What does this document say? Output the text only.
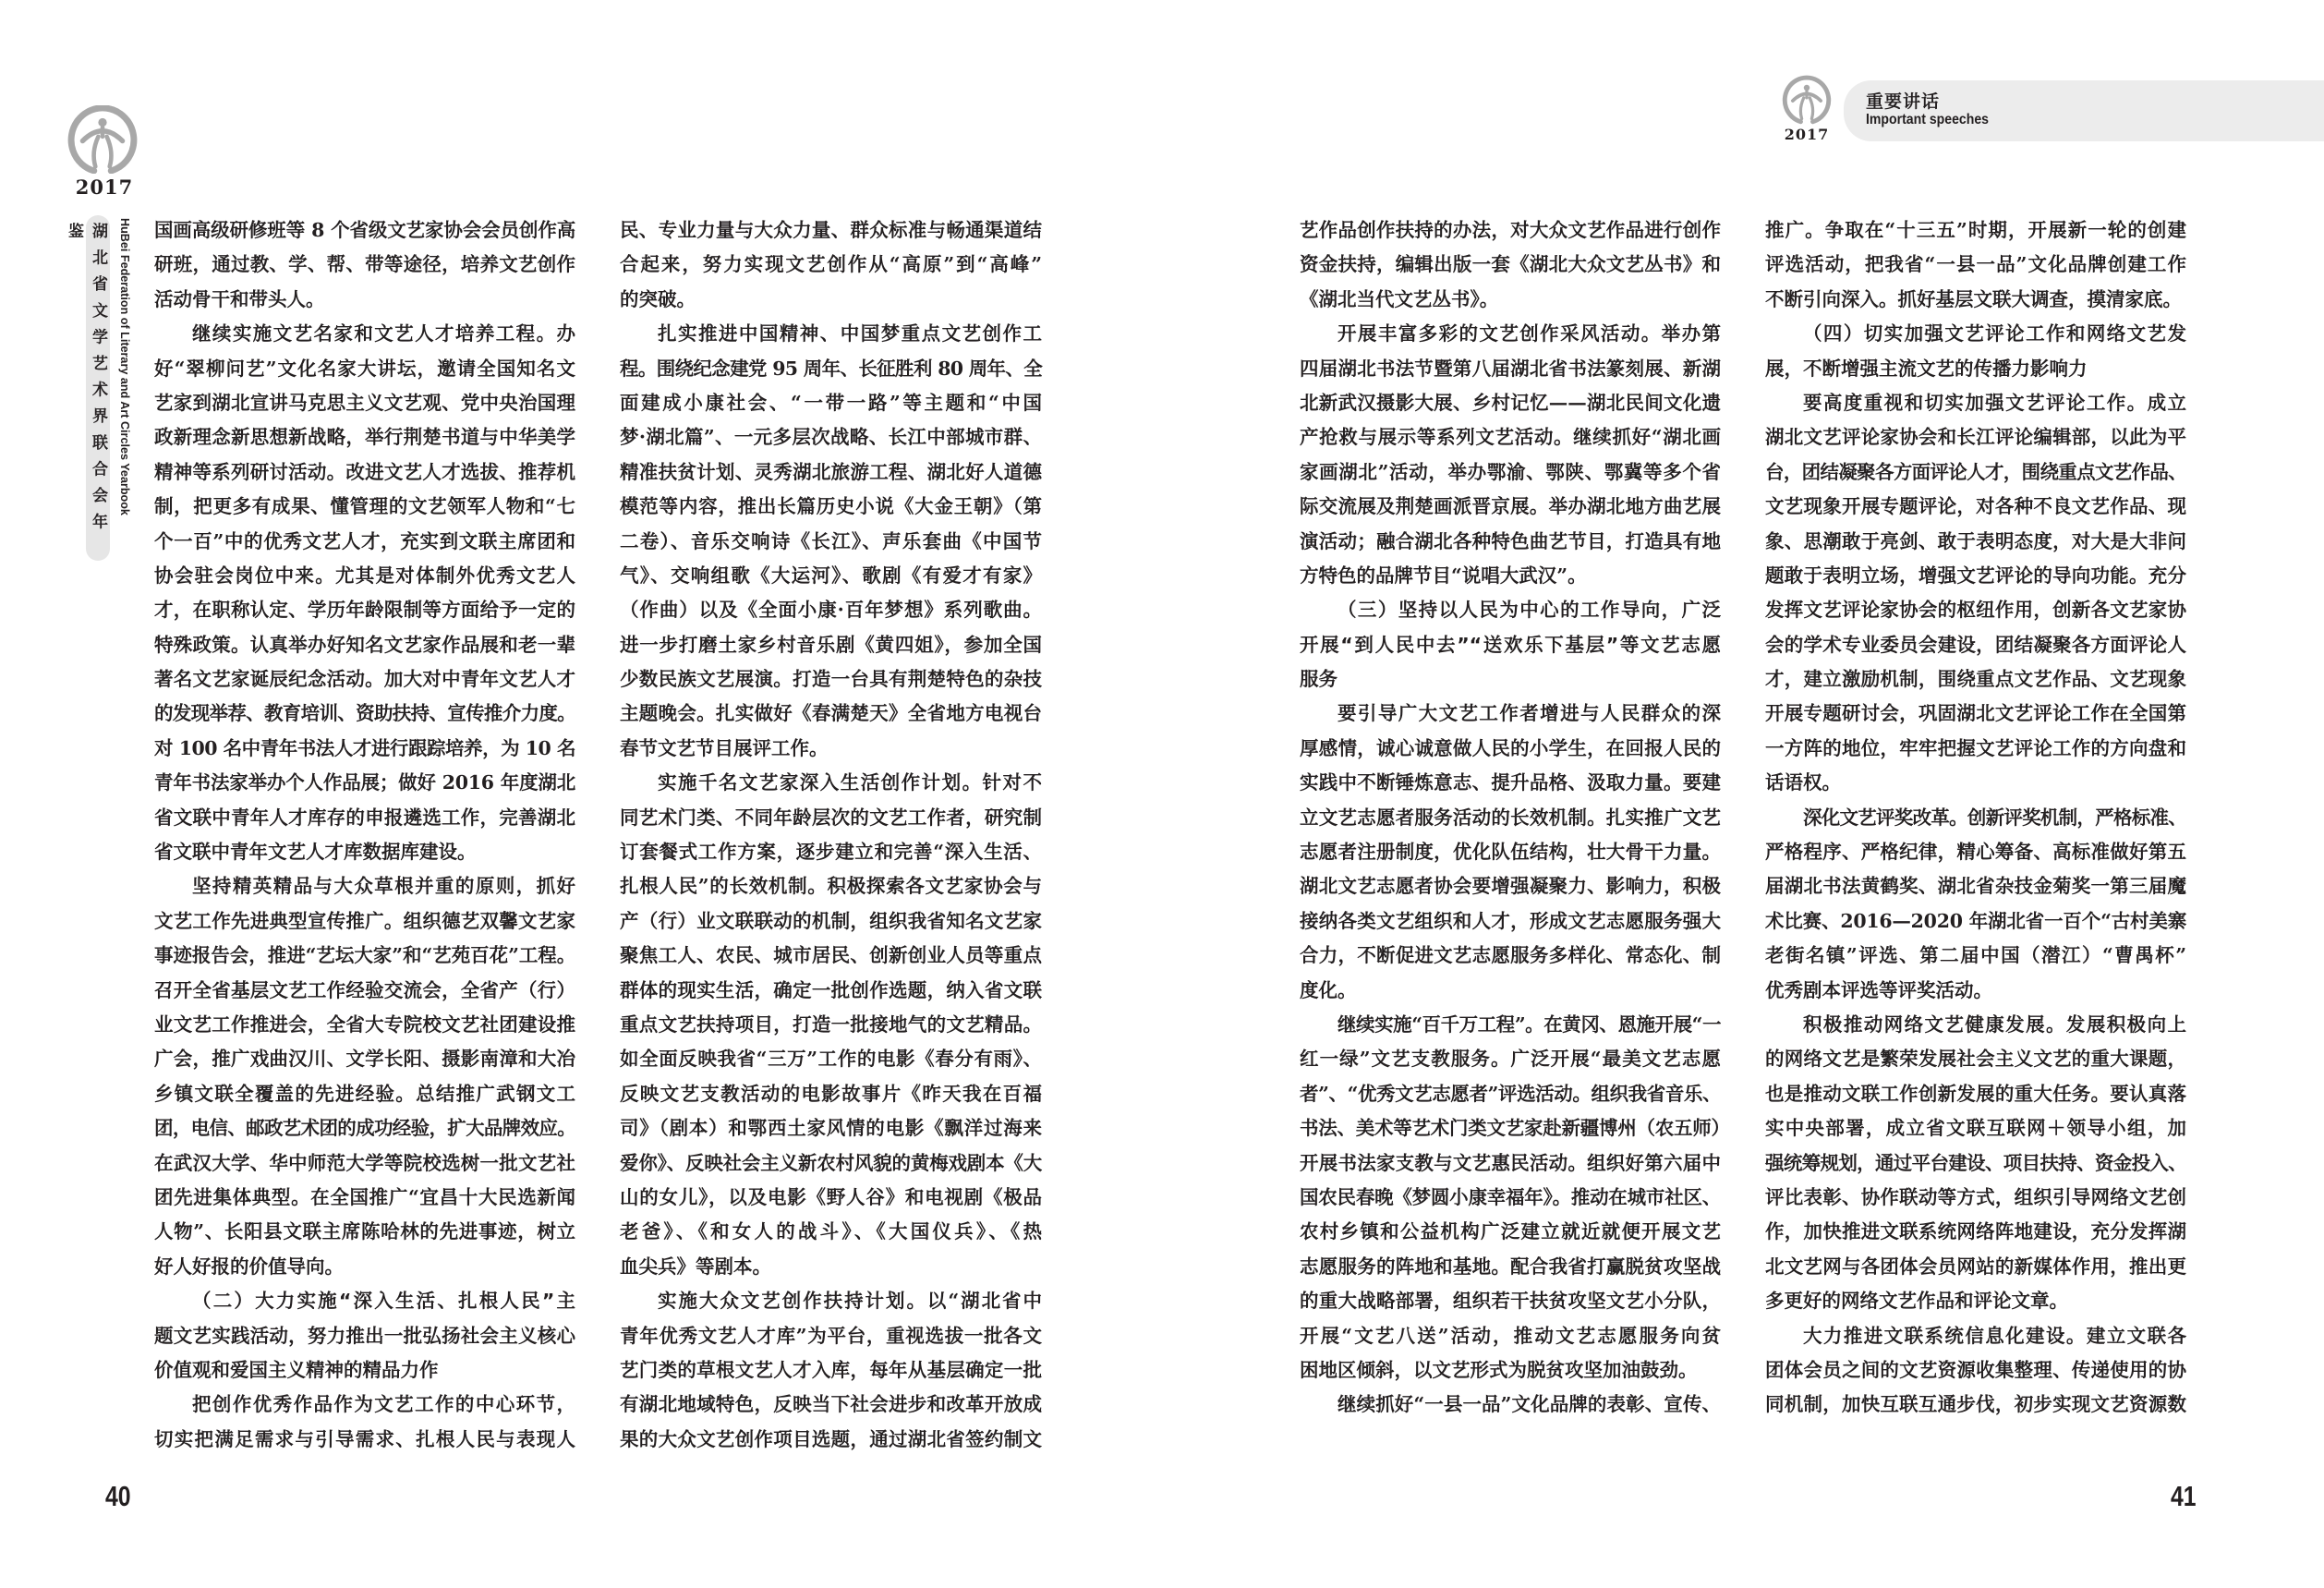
2017
湖北省文学艺术界联合会年鉴	HuBei Federation of Literary and Art Circles Yearbook 国画高级研修班等 8 个省级文艺家协会会员创作高
研班，通过教、学、帮、带等途径，培养文艺创作
活动骨干和带头人。
继续实施文艺名家和文艺人才培养工程。办
好“翠柳问艺”文化名家大讲坛，邀请全国知名文
艺家到湖北宣讲马克思主义文艺观、党中央治国理
政新理念新思想新战略，举行荆楚书道与中华美学
精神等系列研讨活动。改进文艺人才选拔、推荐机
制，把更多有成果、懂管理的文艺领军人物和“七
个一百”中的优秀文艺人才，充实到文联主席团和
协会驻会岗位中来。尤其是对体制外优秀文艺人
才，在职称认定、学历年龄限制等方面给予一定的
特殊政策。认真举办好知名文艺家作品展和老一辈
著名文艺家诞辰纪念活动。加大对中青年文艺人才
的发现举荐、教育培训、资助扶持、宣传推介力度。
对 100 名中青年书法人才进行跟踪培养，为 10 名
青年书法家举办个人作品展；做好 2016 年度湖北
省文联中青年人才库存的申报遴选工作，完善湖北
省文联中青年文艺人才库数据库建设。
坚持精英精品与大众草根并重的原则，抓好
文艺工作先进典型宣传推广。组织德艺双馨文艺家
事迹报告会，推进“艺坛大家”和“艺苑百花”工程。
召开全省基层文艺工作经验交流会，全省产（行）
业文艺工作推进会，全省大专院校文艺社团建设推
广会，推广戏曲汉川、文学长阳、摄影南漳和大冶
乡镇文联全覆盖的先进经验。总结推广武钢文工
团，电信、邮政艺术团的成功经验，扩大品牌效应。
在武汉大学、华中师范大学等院校选树一批文艺社
团先进集体典型。在全国推广“宜昌十大民选新闻
人物”、长阳县文联主席陈哈林的先进事迹，树立
好人好报的价值导向。
（二）大力实施“深入生活、扎根人民”主
题文艺实践活动，努力推出一批弘扬社会主义核心
价值观和爱国主义精神的精品力作
把创作优秀作品作为文艺工作的中心环节，
切实把满足需求与引导需求、扎根人民与表现人
民、专业力量与大众力量、群众标准与畅通渠道结
合起来，努力实现文艺创作从“高原”到“高峰”
的突破。
扎实推进中国精神、中国梦重点文艺创作工
程。围绕纪念建党 95 周年、长征胜利 80 周年、全
面建成小康社会、“一带一路”等主题和“中国
梦·湖北篇”、一元多层次战略、长江中部城市群、
精准扶贫计划、灵秀湖北旅游工程、湖北好人道德
模范等内容，推出长篇历史小说《大金王朝》（第
二卷）、音乐交响诗《长江》、声乐套曲《中国节
气》、交响组歌《大运河》、歌剧《有爱才有家》
（作曲）以及《全面小康·百年梦想》系列歌曲。
进一步打磨土家乡村音乐剧《黄四姐》，参加全国
少数民族文艺展演。打造一台具有荆楚特色的杂技
主题晚会。扎实做好《春满楚天》全省地方电视台
春节文艺节目展评工作。
实施千名文艺家深入生活创作计划。针对不
同艺术门类、不同年龄层次的文艺工作者，研究制
订套餐式工作方案，逐步建立和完善“深入生活、
扎根人民”的长效机制。积极探索各文艺家协会与
产（行）业文联联动的机制，组织我省知名文艺家
聚焦工人、农民、城市居民、创新创业人员等重点
群体的现实生活，确定一批创作选题，纳入省文联
重点文艺扶持项目，打造一批接地气的文艺精品。
如全面反映我省“三万”工作的电影《春分有雨》、
反映文艺支教活动的电影故事片《昨天我在百福
司》（剧本）和鄂西土家风情的电影《飘洋过海来
爱你》、反映社会主义新农村风貌的黄梅戏剧本《大
山的女儿》，以及电影《野人谷》和电视剧《极品
老爸》、《和女人的战斗》、《大国仪兵》、《热
血尖兵》等剧本。
实施大众文艺创作扶持计划。以“湖北省中
青年优秀文艺人才库”为平台，重视选拔一批各文
艺门类的草根文艺人才入库，每年从基层确定一批
有湖北地域特色，反映当下社会进步和改革开放成
果的大众文艺创作项目选题，通过湖北省签约制文
40
2017
重要讲话
Important speeches
艺作品创作扶持的办法，对大众文艺作品进行创作
资金扶持，编辑出版一套《湖北大众文艺丛书》和
《湖北当代文艺丛书》。
开展丰富多彩的文艺创作采风活动。举办第
四届湖北书法节暨第八届湖北省书法篆刻展、新湖
北新武汉摄影大展、乡村记忆——湖北民间文化遗
产抢救与展示等系列文艺活动。继续抓好“湖北画
家画湖北”活动，举办鄂渝、鄂陕、鄂冀等多个省
际交流展及荆楚画派晋京展。举办湖北地方曲艺展
演活动；融合湖北各种特色曲艺节目，打造具有地
方特色的品牌节目“说唱大武汉”。
（三）坚持以人民为中心的工作导向，广泛
开展“到人民中去”“送欢乐下基层”等文艺志愿
服务
要引导广大文艺工作者增进与人民群众的深
厚感情，诚心诚意做人民的小学生，在回报人民的
实践中不断锤炼意志、提升品格、汲取力量。要建
立文艺志愿者服务活动的长效机制。扎实推广文艺
志愿者注册制度，优化队伍结构，壮大骨干力量。
湖北文艺志愿者协会要增强凝聚力、影响力，积极
接纳各类文艺组织和人才，形成文艺志愿服务强大
合力，不断促进文艺志愿服务多样化、常态化、制
度化。
继续实施“百千万工程”。在黄冈、恩施开展“一
红一绿”文艺支教服务。广泛开展“最美文艺志愿
者”、“优秀文艺志愿者”评选活动。组织我省音乐、
书法、美术等艺术门类文艺家赴新疆博州（农五师）
开展书法家支教与文艺惠民活动。组织好第六届中
国农民春晚《梦圆小康幸福年》。推动在城市社区、
农村乡镇和公益机构广泛建立就近就便开展文艺
志愿服务的阵地和基地。配合我省打赢脱贫攻坚战
的重大战略部署，组织若干扶贫攻坚文艺小分队，
开展“文艺八送”活动，推动文艺志愿服务向贫
困地区倾斜，以文艺形式为脱贫攻坚加油鼓劲。
继续抓好“一县一品”文化品牌的表彰、宣传、
推广。争取在“十三五”时期，开展新一轮的创建
评选活动，把我省“一县一品”文化品牌创建工作
不断引向深入。抓好基层文联大调查，摸清家底。
（四）切实加强文艺评论工作和网络文艺发
展，不断增强主流文艺的传播力影响力
要高度重视和切实加强文艺评论工作。成立
湖北文艺评论家协会和长江评论编辑部，以此为平
台，团结凝聚各方面评论人才，围绕重点文艺作品、
文艺现象开展专题评论，对各种不良文艺作品、现
象、思潮敢于亮剑、敢于表明态度，对大是大非问
题敢于表明立场，增强文艺评论的导向功能。充分
发挥文艺评论家协会的枢纽作用，创新各文艺家协
会的学术专业委员会建设，团结凝聚各方面评论人
才，建立激励机制，围绕重点文艺作品、文艺现象
开展专题研讨会，巩固湖北文艺评论工作在全国第
一方阵的地位，牢牢把握文艺评论工作的方向盘和
话语权。
深化文艺评奖改革。创新评奖机制，严格标准、
严格程序、严格纪律，精心筹备、高标准做好第五
届湖北书法黄鹤奖、湖北省杂技金菊奖一第三届魔
术比赛、2016—2020 年湖北省一百个“古村美寨
老街名镇”评选、第二届中国（潜江）“曹禺杯”
优秀剧本评选等评奖活动。
积极推动网络文艺健康发展。发展积极向上
的网络文艺是繁荣发展社会主义文艺的重大课题，
也是推动文联工作创新发展的重大任务。要认真落
实中央部署，成立省文联互联网＋领导小组，加
强统筹规划，通过平台建设、项目扶持、资金投入、
评比表彰、协作联动等方式，组织引导网络文艺创
作，加快推进文联系统网络阵地建设，充分发挥湖
北文艺网与各团体会员网站的新媒体作用，推出更
多更好的网络文艺作品和评论文章。
大力推进文联系统信息化建设。建立文联各
团体会员之间的文艺资源收集整理、传递使用的协
同机制，加快互联互通步伐，初步实现文艺资源数
41
